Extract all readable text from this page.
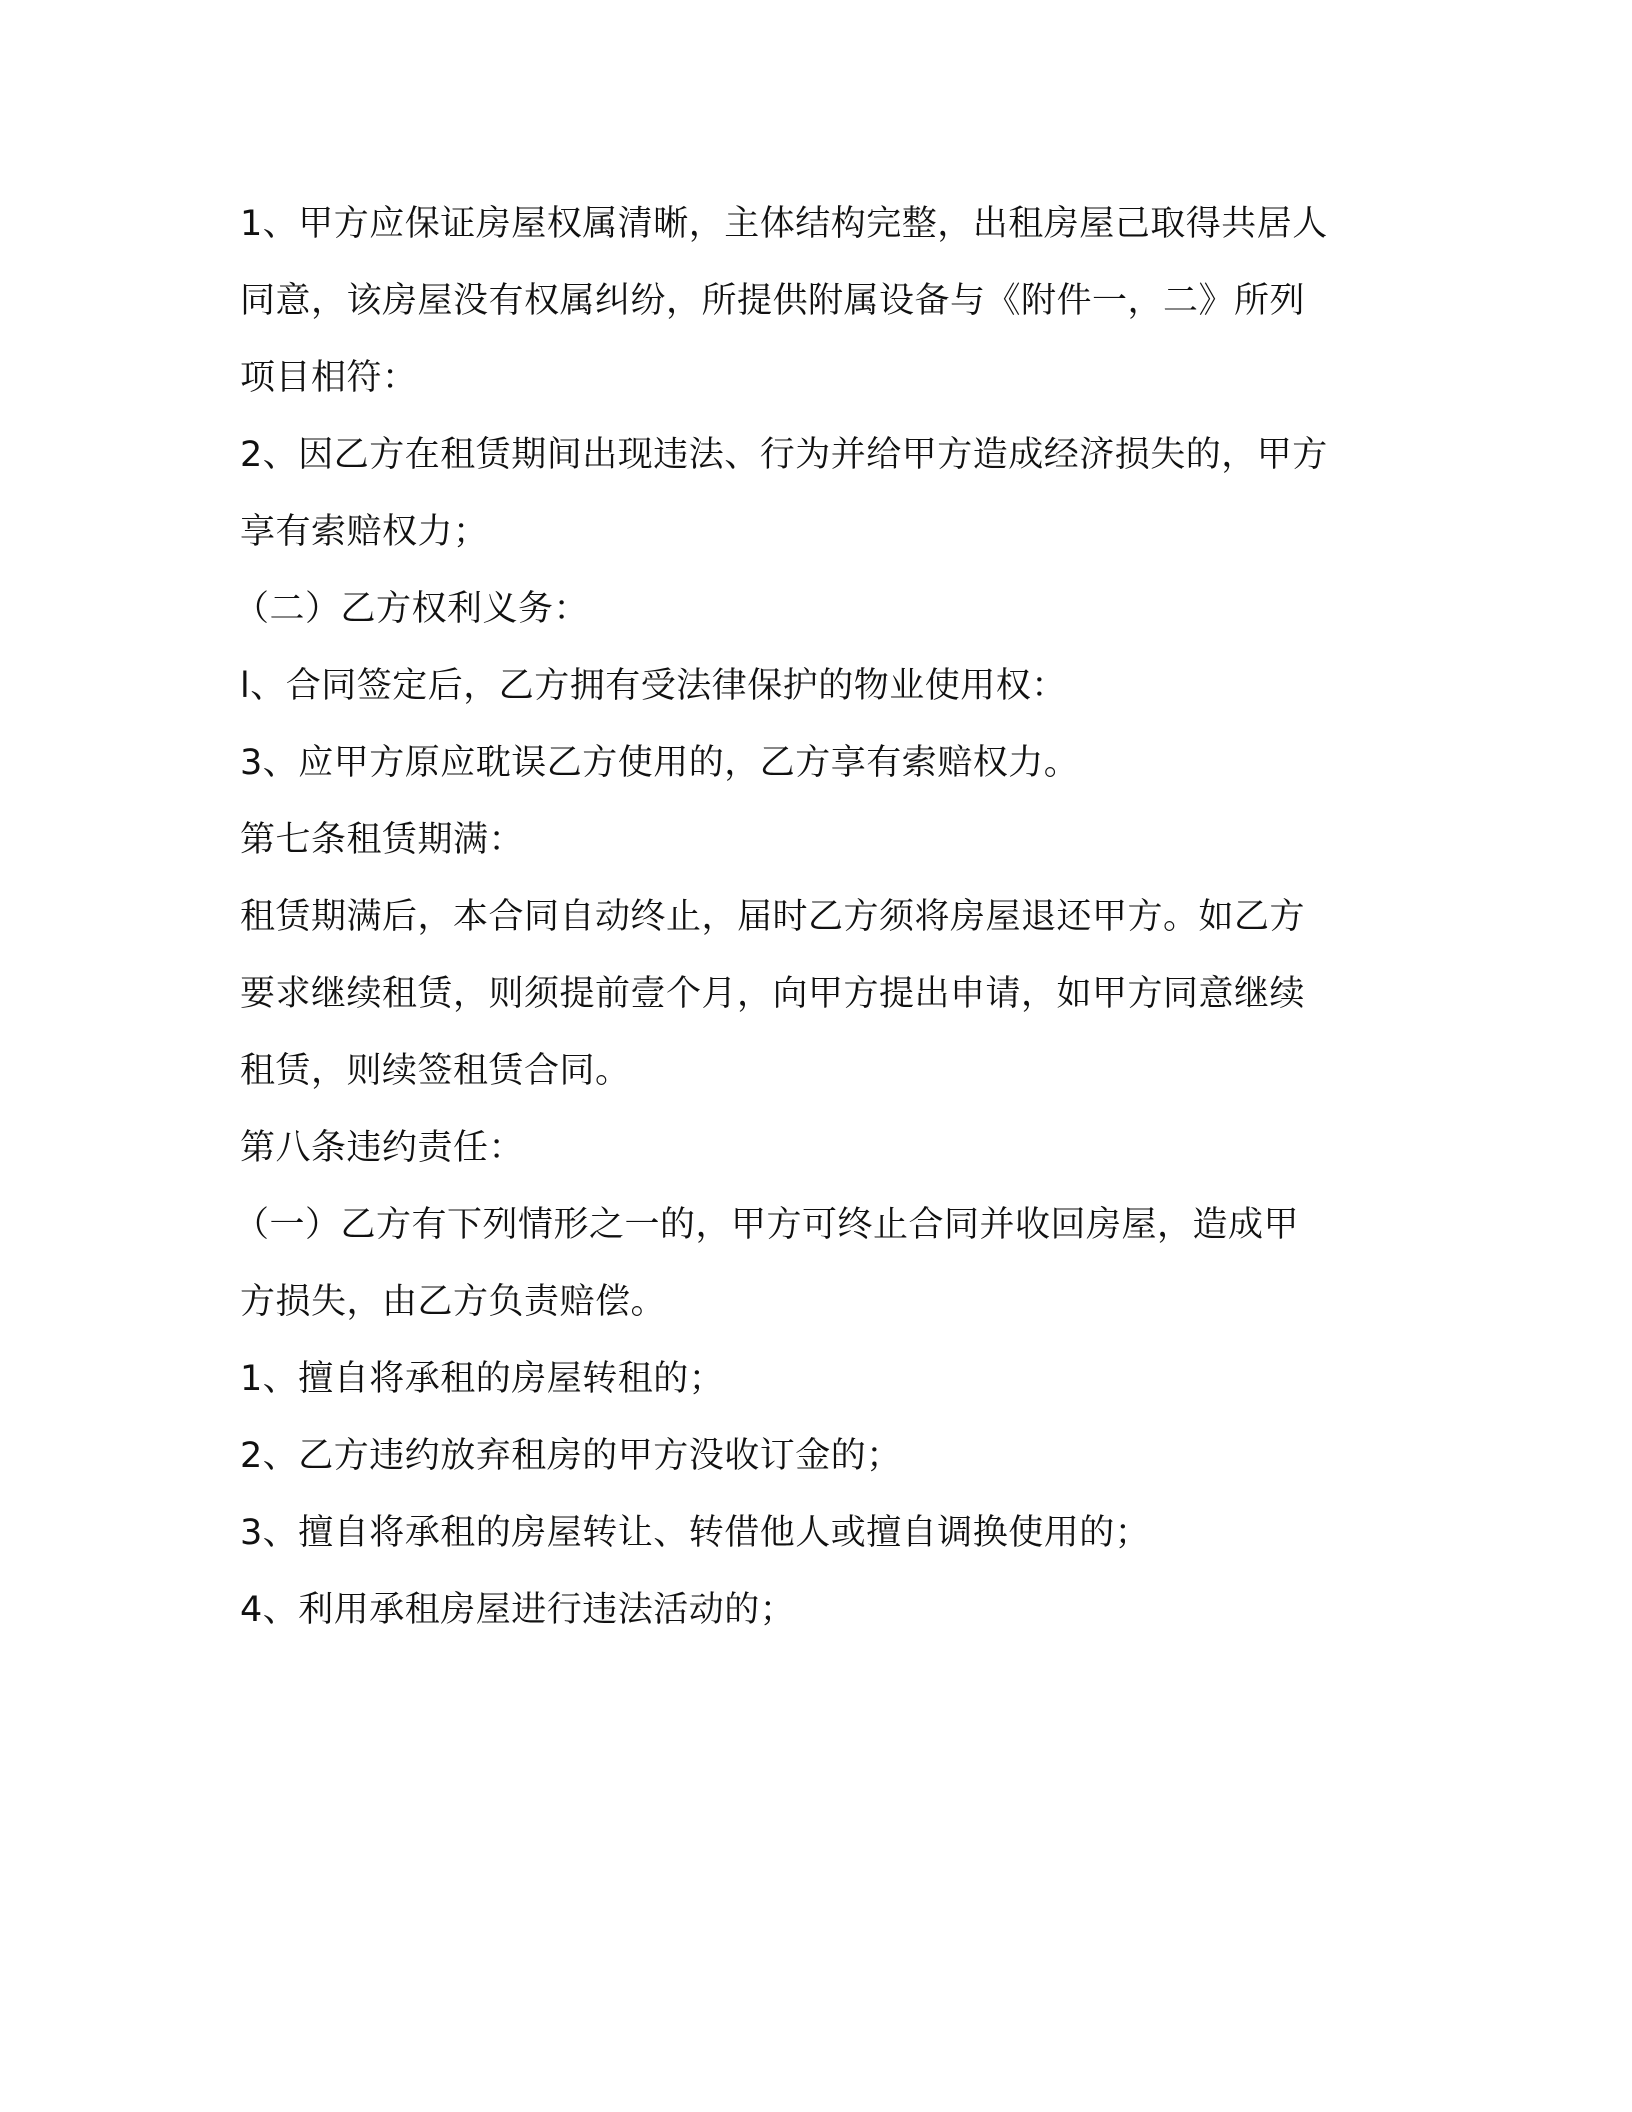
1、甲方应保证房屋权属清晰，主体结构完整，出租房屋己取得共居人
同意，该房屋没有权属纠纷，所提供附属设备与《附件一，二》所列
项目相符：
2、因乙方在租赁期间出现违法、行为并给甲方造成经济损失的，甲方
享有索赔权力；
（二）乙方权利义务：
l、合同签定后，乙方拥有受法律保护的物业使用权：
3、应甲方原应耽误乙方使用的，乙方享有索赔权力。
第七条租赁期满：
租赁期满后，本合同自动终止，届时乙方须将房屋退还甲方。如乙方
要求继续租赁，则须提前壹个月，向甲方提出申请，如甲方同意继续
租赁，则续签租赁合同。
第八条违约责任：
（一）乙方有下列情形之一的，甲方可终止合同并收回房屋，造成甲
方损失，由乙方负责赔偿。
1、擅自将承租的房屋转租的；
2、乙方违约放弃租房的甲方没收订金的；
3、擅自将承租的房屋转让、转借他人或擅自调换使用的；
4、利用承租房屋进行违法活动的；
